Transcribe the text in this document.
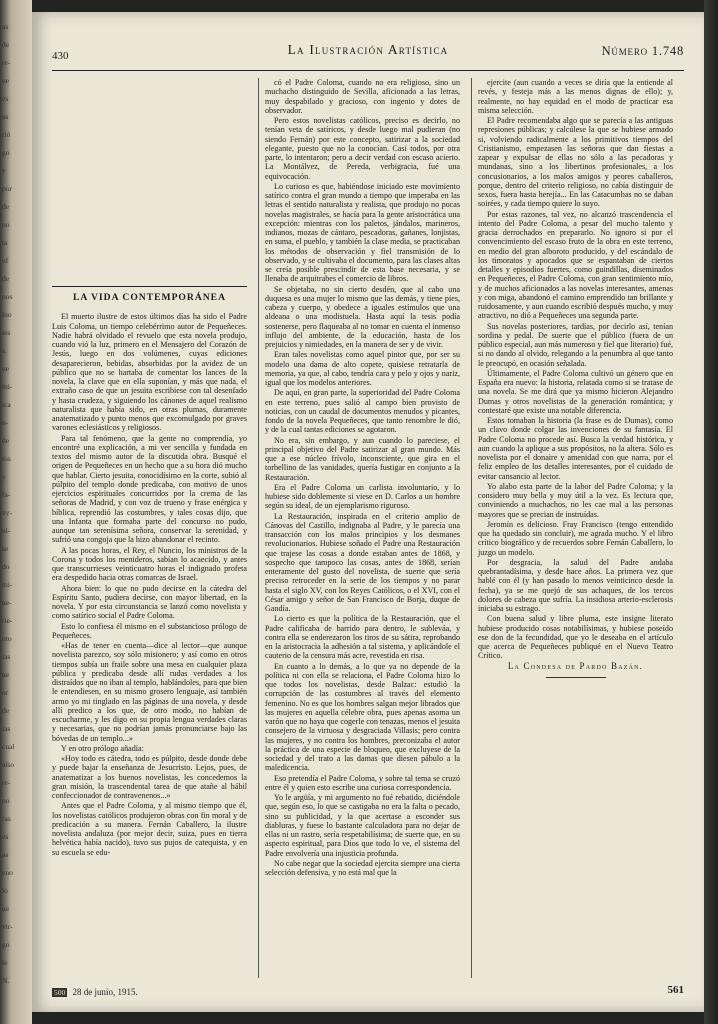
as
de
re-
ue
es
as
rió
go
y
por
de
no
ta
uf
de
nos
ino
ies
s.
ue
mi-
ica
n-
de
tos
y
fa-
ny-
ni-
se
do
mi-
ue-
rie-
oto
ias
ue
or
de
ias
cual
aiso
re-
no
ras
es
as
eno
lo
ue
vir-
go
le
N.
430	La Ilustración Artística	Número 1.748
LA VIDA CONTEMPORÁNEA

El muerto ilustre de estos últimos días ha sido el Padre Luis Coloma, un tiempo celebérrimo autor de Pequeñeces. Nadie habrá olvidado el revuelo que esta novela produjo, cuando vió la luz, primero en el Mensajero del Corazón de Jesús, luego en dos volúmenes, cuyas ediciones desaparecieron, bebidas, absorbidas por la avidez de un público que no se hartaba de comentar los lances de la novela, la clave que en ella suponían, y más que nada, el extraño caso de que un jesuita escribiese con tal desenfado y hasta crudeza, y siguiendo los cánones de aquel realismo naturalista que había sido, en otras plumas, duramente anatematizado y punto menos que excomulgado por graves varones eclesiásticos y religiosos.

Para tal fenómeno, que la gente no comprendía, yo encontré una explicación, a mi ver sencilla y fundada en textos del mismo autor de la discutida obra. Busqué el origen de Pequeñeces en un hecho que a su hora dió mucho que hablar. Cierto jesuita, conocidísimo en la corte, subió al púlpito del templo donde predicaba, con motivo de unos ejercicios espirituales concurridos por la crema de las señoras de Madrid, y con voz de trueno y frase enérgica y bíblica, reprendió las costumbres, y tales cosas dijo, que una Infanta que formaba parte del concurso no pudo, aunque tan serenísima señora, conservar la serenidad, y sufrió una congoja que la hizo abandonar el recinto.

A las pocas horas, el Rey, el Nuncio, los ministros de la Corona y todos los menideros, sabían lo acaecido, y antes que transcurrieses veinticuatro horas el indignado profeta era despedido hacia otras comarcas de Israel.

Ahora bien: lo que no pudo decirse en la cátedra del Espíritu Santo, pudiera decirse, con mayor libertad, en la novela. Y por esta circunstancia se lanzó como novelista y como satírico social el Padre Coloma.

Esto lo confiesa él mismo en el substancioso prólogo de Pequeñeces.

«Has de tener en cuenta—dice al lector—que aunque novelista parezco, soy sólo misionero; y así como en otros tiempos subía un fraile sobre una mesa en cualquier plaza pública y predicaba desde allí rudas verdades a los distraídos que no iban al templo, hablándoles, para que bien le entendiesen, en su mismo grosero lenguaje, así también armo yo mi tinglado en las páginas de una novela, y desde allí predico a los que, de otro modo, no habían de escucharme, y les digo en su propia lengua verdades claras y necesarias, que no podrían jamás pronunciarse bajo las bóvedas de un templo...»

Y en otro prólogo añadía:

«Hoy todo es cátedra, todo es púlpito, desde donde debe y puede bajar la enseñanza de Jesucristo. Lejos, pues, de anatematizar a los buenos novelistas, les concedemos la gran misión, la trascendental tarea de que atañe al hábil confeccionador de contravenenos...»

Antes que el Padre Coloma, y al mismo tiempo que él, los novelistas católicos produjeron obras con fin moral y de predicación a su manera. Fernán Caballero, la ilustre novelista andaluza (por mejor decir, suiza, pues en tierra helvética había nacido), tuvo sus pujos de catequista, y en su escuela se edu-

có el Padre Coloma, cuando no era religioso, sino un muchacho distinguido de Sevilla, aficionado a las letras, muy despabilado y gracioso, con ingenio y dotes de observador.

Pero estos novelistas católicos, preciso es decirlo, no tenían veta de satíricos, y desde luego mal pudieran (no siendo Fernán) por este concepto, satirizar a la sociedad elegante, puesto que no la conocían. Casi todos, por otra parte, lo intentaron; pero a decir verdad con escaso acierto. La Montálvez, de Pereda, verbigracia, fué una equivocación.

Lo curioso es que, habiéndose iniciado este movimiento satírico contra el gran mundo a tiempo que imperaba en las letras el sentido naturalista y realista, que produjo no pocas novelas magistrales, se hacía para la gente aristocrática una excepción: mientras con los paletos, jándalos, marineros, indianos, mozas de cántaro, pescadoras, gañanes, lonjistas, en suma, el pueblo, y también la clase media, se practicaban los métodos de observación y fiel transmisión de lo observado, y se cultivaba el documento, para las clases altas se creía posible prescindir de esta base necesaria, y se llenaba de arquitrabes el comercio de libros.

Se objetaba, no sin cierto desdén, que al cabo una duquesa es una mujer lo mismo que las demás, y tiene pies, cabeza y cuerpo, y obedece a iguales estímulos que una aldeana o una modistuela. Hasta aquí la tesis podía sostenerse, pero flaqueaba al no tomar en cuenta el inmenso influjo del ambiente, de la educación, hasta de los prejuicios y nimiedades, en la manera de ser y de vivir.

Eran tales novelistas como aquel pintor que, por ser su modelo una dama de alto copete, quisiese retratarla de memoria, ya que, al cabo, tendría cara y pelo y ojos y nariz, igual que los modelos anteriores.

De aquí, en gran parte, la superioridad del Padre Coloma en este terreno, pues salió al campo bien provisto de noticias, con un caudal de documentos menudos y picantes, fondo de la novela Pequeñeces, que tanto renombre le dió, y de la cual tantas ediciones se agotaron.

No era, sin embargo, y aun cuando lo pareciese, el principal objetivo del Padre satirizar al gran mundo. Más que a ese núcleo frívolo, inconsciente, que gira en el torbellino de las vanidades, quería fustigar en conjunto a la Restauración.

Era el Padre Coloma un carlista involuntario, y lo hubiese sido doblemente si viese en D. Carlos a un hombre según su ideal, de un ejemplarismo riguroso.

La Restauración, inspirada en el criterio amplio de Cánovas del Castillo, indignaba al Padre, y le parecía una transacción con los malos principios y los desmanes revolucionarios. Hubiese soñado el Padre una Restauración que trajese las cosas a donde estaban antes de 1868, y sospecho que tampoco las cosas, antes de 1868, serían enteramente del gusto del novelista, de suerte que sería preciso retroceder en la serie de los tiempos y no parar hasta el siglo XV, con los Reyes Católicos, o el XVI, con el César amigo y señor de San Francisco de Borja, duque de Gandía.

Lo cierto es que la política de la Restauración, que el Padre calificaba de barrido para dentro, le subleváa, y contra ella se enderezaron los tiros de su sátira, reprobando en la aristocracia la adhesión a tal sistema, y aplicándole el cauterio de la censura más acre, revestida en risa.

En cuanto a lo demás, a lo que ya no depende de la política ni con ella se relaciona, el Padre Coloma hizo lo que todos los novelistas, desde Balzac: estudió la corrupción de las costumbres al través del elemento femenino. No es que los hombres salgan mejor librados que las mujeres en aquella célebre obra, pues apenas asoma un varón que no haya que cogerle con tenazas, menos el jesuita consejero de la virtuosa y desgraciada Villasis; pero contra las mujeres, y no contra los hombres, preconizaba el autor la práctica de una especie de bloqueo, que excluyese de la sociedad y del trato a las damas que diesen pábulo a la maledicencia.

Eso pretendía el Padre Coloma, y sobre tal tema se cruzó entre él y quien esto escribe una curiosa correspondencia.

Yo le argüía, y mi argumento no fué rebatido, diciéndole que, según eso, lo que se castigaba no era la falta o pecado, sino su publicidad, y la que acertase a esconder sus diabluras, y fuese lo bastante calculadora para no dejar de ellas ni un rastro, sería respetabilísima; de suerte que, en su aspecto espiritual, para Dios que todo lo ve, el sistema del Padre envolvería una injusticia profunda.

No cabe negar que la sociedad ejercita siempre una cierta selección defensiva, y no está mal que la

ejercite (aun cuando a veces se diría que la entiende al revés, y festeja más a las menos dignas de ello); y, realmente, no hay equidad en el modo de practicar esa misma selección.

El Padre recomendaba algo que se parecía a las antiguas represiones públicas; y calcúlese la que se hubiese armado si, volviendo radicalmente a los primitivos tiempos del Cristianismo, empezasen las señoras que dan fiestas a zapear y expulsar de ellas no sólo a las pecadoras y mundanas, sino a los libertinos profesionales, a los concusionarios, a los malos amigos y peores caballeros, porque, dentro del criterio religioso, no cabía distinguir de sexos, fuera hasta herejía... En las Catacumbas no se daban soirées, y cada tiempo quiere lo suyo.

Por estas razones, tal vez, no alcanzó trascendencia el intento del Padre Coloma, a pesar del mucho talento y gracia derrochados en prepararlo. No ignoro si por el convencimiento del escaso fruto de la obra en este terreno, en medio del gran alboroto producido, y del escándalo de los timoratos y apocados que se espantaban de ciertos detalles y episodios fuertes, como guindillas, diseminados en Pequeñeces, el Padre Coloma, con gran sentimiento mío, y de muchos aficionados a las novelas interesantes, amenas y con miga, abandonó el camino emprendido tan brillante y ruidosamente, y aun cuando escribió después mucho, y muy atractivo, no dió a Pequeñeces una segunda parte.

Sus novelas posteriores, tardías, por decirlo así, tenían sordina y pedal. De suerte que el público (fuera de un público especial, aun más numeroso y fiel que literario) fué, si no dando al olvido, relegando a la penumbra al que tanto le preocupó, en ocasión señalada.

Últimamente, el Padre Coloma cultivó un género que en España era nuevo: la historia, relatada como si se tratase de una novela. Se me dirá que ya mismo hicieron Alejandro Dumas y otros novelistas de la generación romántica; y contestaré que existe una notable diferencia.

Estos tomaban la historia (la frase es de Dumas), como un clavo donde colgar las invenciones de su fantasía. El Padre Coloma no procede así. Busca la verdad histórica, y aun cuando la aplique a sus propósitos, no la altera. Sólo es novelista por el donaire y amenidad con que narra, por el feliz empleo de los detalles interesantes, por el cuidado de evitar cansancio al lector.

Yo alabo esta parte de la labor del Padre Coloma; y la considero muy bella y muy útil a la vez. Es lectura que, conviniendo a muchachos, no les cae mal a las personas mayores que se precian de instruídas.

Jeromín es delicioso. Fray Francisco (tengo entendido que ha quedado sin concluir), me agrada mucho. Y el libro crítico biográfico y de recuerdos sobre Fernán Caballero, lo juzgo un modelo.

Por desgracia, la salud del Padre andaba quebrantadísima, y desde hace años. La primera vez que hablé con él (y han pasado lo menos veinticinco desde la fecha), ya se me quejó de sus achaques, de los tercos dolores de cabeza que sufría. La insidiosa arterio-esclerosis iniciaba su estrago.

Con buena salud y libre pluma, este insigne literato hubiese producido cosas notabilísimas, y hubiese poseído ese don de la fecundidad, que yo le deseaba en el artículo que acerca de Pequeñeces publiqué en el Nuevo Teatro Crítico.

La Condesa de Pardo Bazán.

500 28 de junio, 1915.	561
